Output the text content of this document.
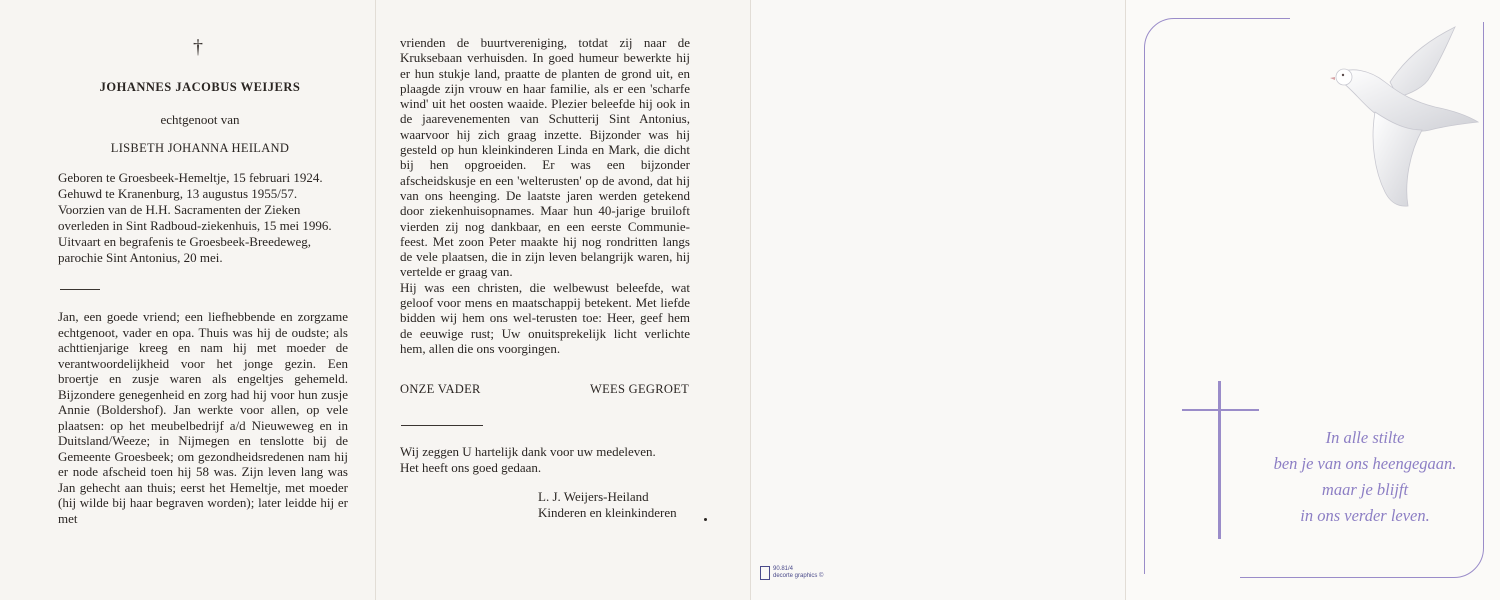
†
JOHANNES JACOBUS WEIJERS
echtgenoot van
LISBETH JOHANNA HEILAND
Geboren te Groesbeek-Hemeltje, 15 februari 1924.
Gehuwd te Kranenburg, 13 augustus 1955/57.
Voorzien van de H.H. Sacramenten der Zieken
overleden in Sint Radboud-ziekenhuis, 15 mei 1996.
Uitvaart en begrafenis te Groesbeek-Breedeweg,
parochie Sint Antonius, 20 mei.
Jan, een goede vriend; een liefhebbende en zorgzame echtgenoot, vader en opa. Thuis was hij de oudste; als achttienjarige kreeg en nam hij met moeder de verantwoordelijkheid voor het jonge gezin. Een broertje en zusje waren als engeltjes gehemeld. Bijzondere genegenheid en zorg had hij voor hun zusje Annie (Boldershof). Jan werkte voor allen, op vele plaatsen: op het meubelbedrijf a/d Nieuweweg en in Duitsland/Weeze; in Nijmegen en tenslotte bij de Gemeente Groesbeek; om gezondheidsredenen nam hij er node afscheid toen hij 58 was. Zijn leven lang was Jan gehecht aan thuis; eerst het Hemeltje, met moeder (hij wilde bij haar begraven worden); later leidde hij er met
vrienden de buurtvereniging, totdat zij naar de Kruksebaan verhuisden. In goed humeur bewerkte hij er hun stukje land, praatte de planten de grond uit, en plaagde zijn vrouw en haar familie, als er een 'scharfe wind' uit het oosten waaide. Plezier beleefde hij ook in de jaarevenementen van Schutterij Sint Antonius, waarvoor hij zich graag inzette. Bijzonder was hij gesteld op hun kleinkinderen Linda en Mark, die dicht bij hen opgroeiden. Er was een bijzonder afscheidskusje en een 'welterusten' op de avond, dat hij van ons heenging. De laatste jaren werden getekend door ziekenhuisopnames. Maar hun 40-jarige bruiloft vierden zij nog dankbaar, en een eerste Communie-feest. Met zoon Peter maakte hij nog rondritten langs de vele plaatsen, die in zijn leven belangrijk waren, hij vertelde er graag van.
Hij was een christen, die welbewust beleefde, wat geloof voor mens en maatschappij betekent. Met liefde bidden wij hem ons wel-terusten toe: Heer, geef hem de eeuwige rust; Uw onuitsprekelijk licht verlichte hem, allen die ons voorgingen.
ONZE VADER	WEES GEGROET
Wij zeggen U hartelijk dank voor uw medeleven.
Het heeft ons goed gedaan.
L. J. Weijers-Heiland
Kinderen en kleinkinderen
90.81/4
decorte graphics ©
In alle stilte
ben je van ons heengegaan.
maar je blijft
in ons verder leven.
